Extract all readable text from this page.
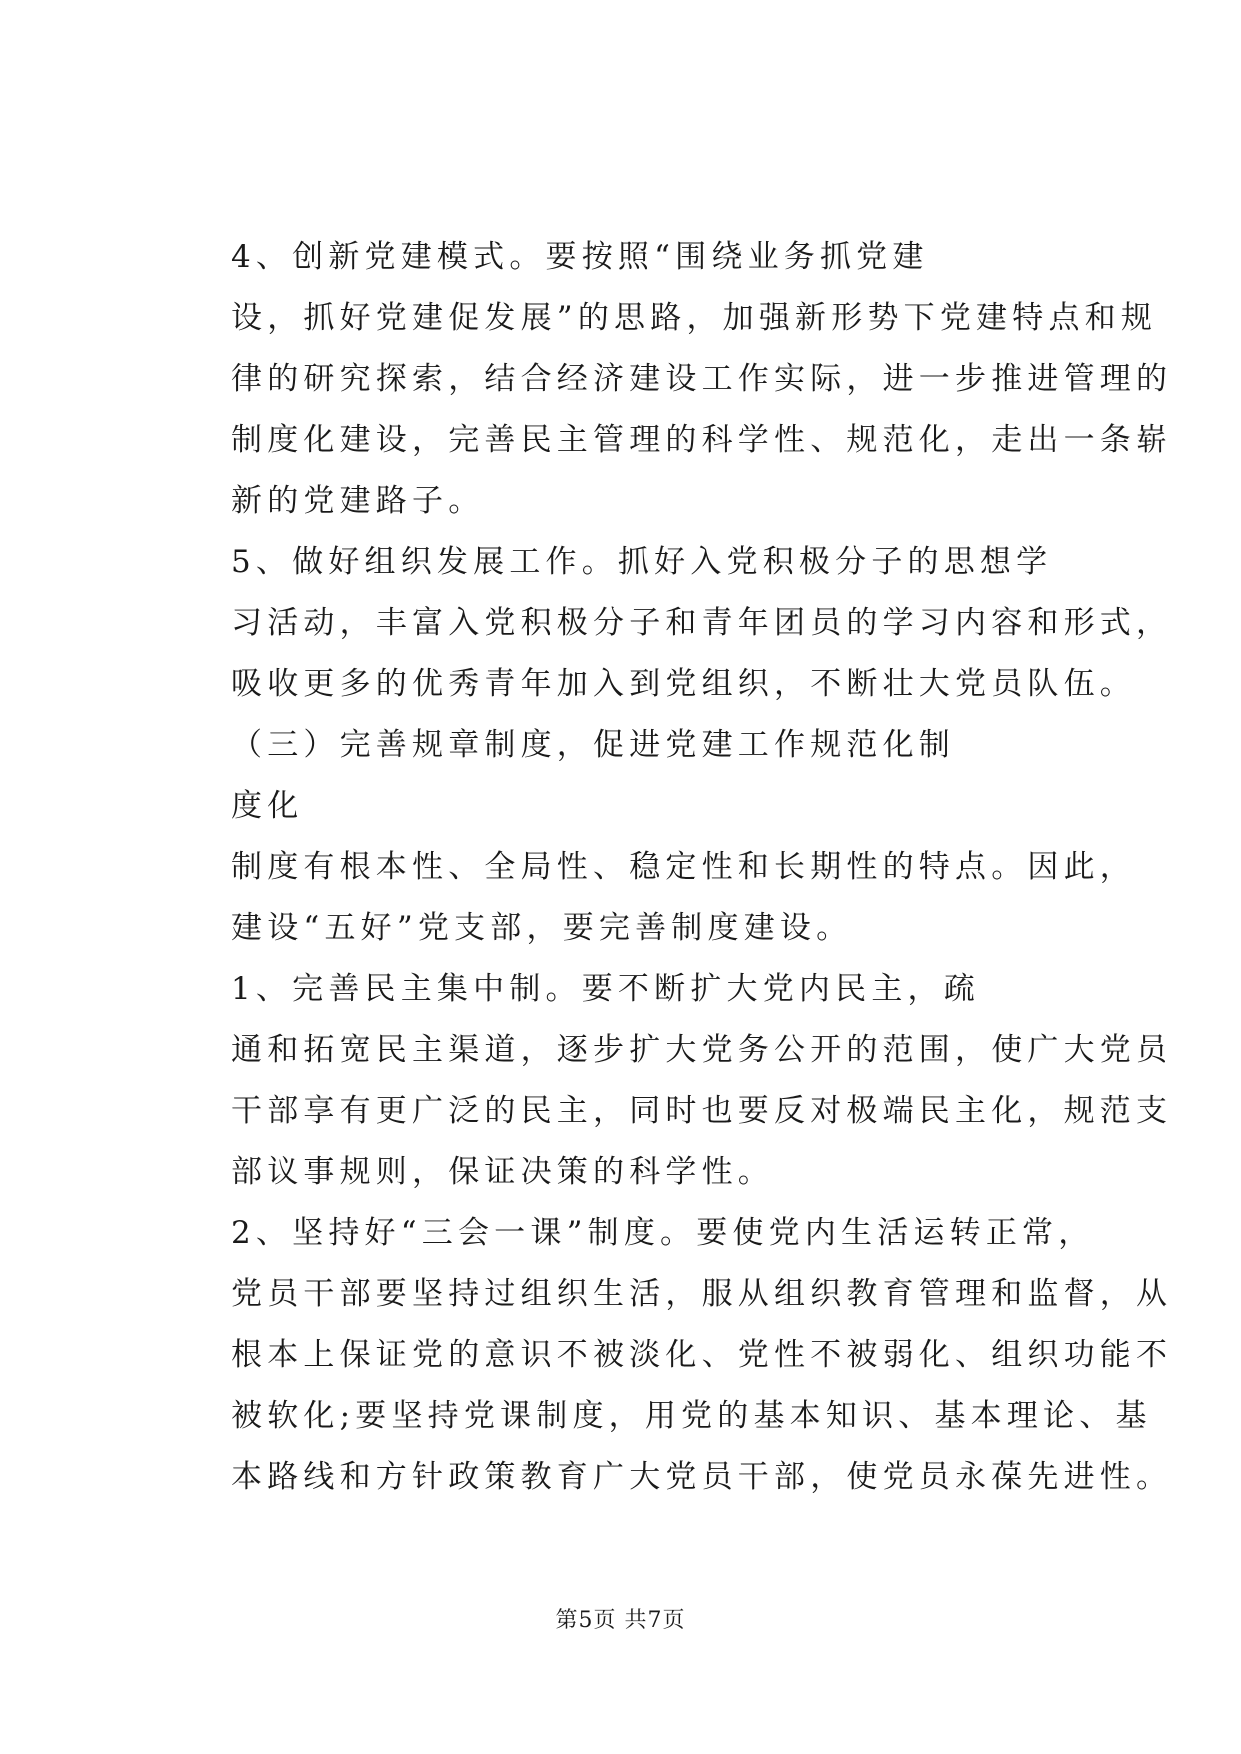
4、创新党建模式。要按照“围绕业务抓党建
设，抓好党建促发展”的思路，加强新形势下党建特点和规
律的研究探索，结合经济建设工作实际，进一步推进管理的
制度化建设，完善民主管理的科学性、规范化，走出一条崭
新的党建路子。
5、做好组织发展工作。抓好入党积极分子的思想学
习活动，丰富入党积极分子和青年团员的学习内容和形式，
吸收更多的优秀青年加入到党组织，不断壮大党员队伍。
（三）完善规章制度，促进党建工作规范化制
度化
制度有根本性、全局性、稳定性和长期性的特点。因此，
建设“五好”党支部，要完善制度建设。
1、完善民主集中制。要不断扩大党内民主，疏
通和拓宽民主渠道，逐步扩大党务公开的范围，使广大党员
干部享有更广泛的民主，同时也要反对极端民主化，规范支
部议事规则，保证决策的科学性。
2、坚持好“三会一课”制度。要使党内生活运转正常，
党员干部要坚持过组织生活，服从组织教育管理和监督，从
根本上保证党的意识不被淡化、党性不被弱化、组织功能不
被软化;要坚持党课制度，用党的基本知识、基本理论、基
本路线和方针政策教育广大党员干部，使党员永葆先进性。
第5页 共7页
